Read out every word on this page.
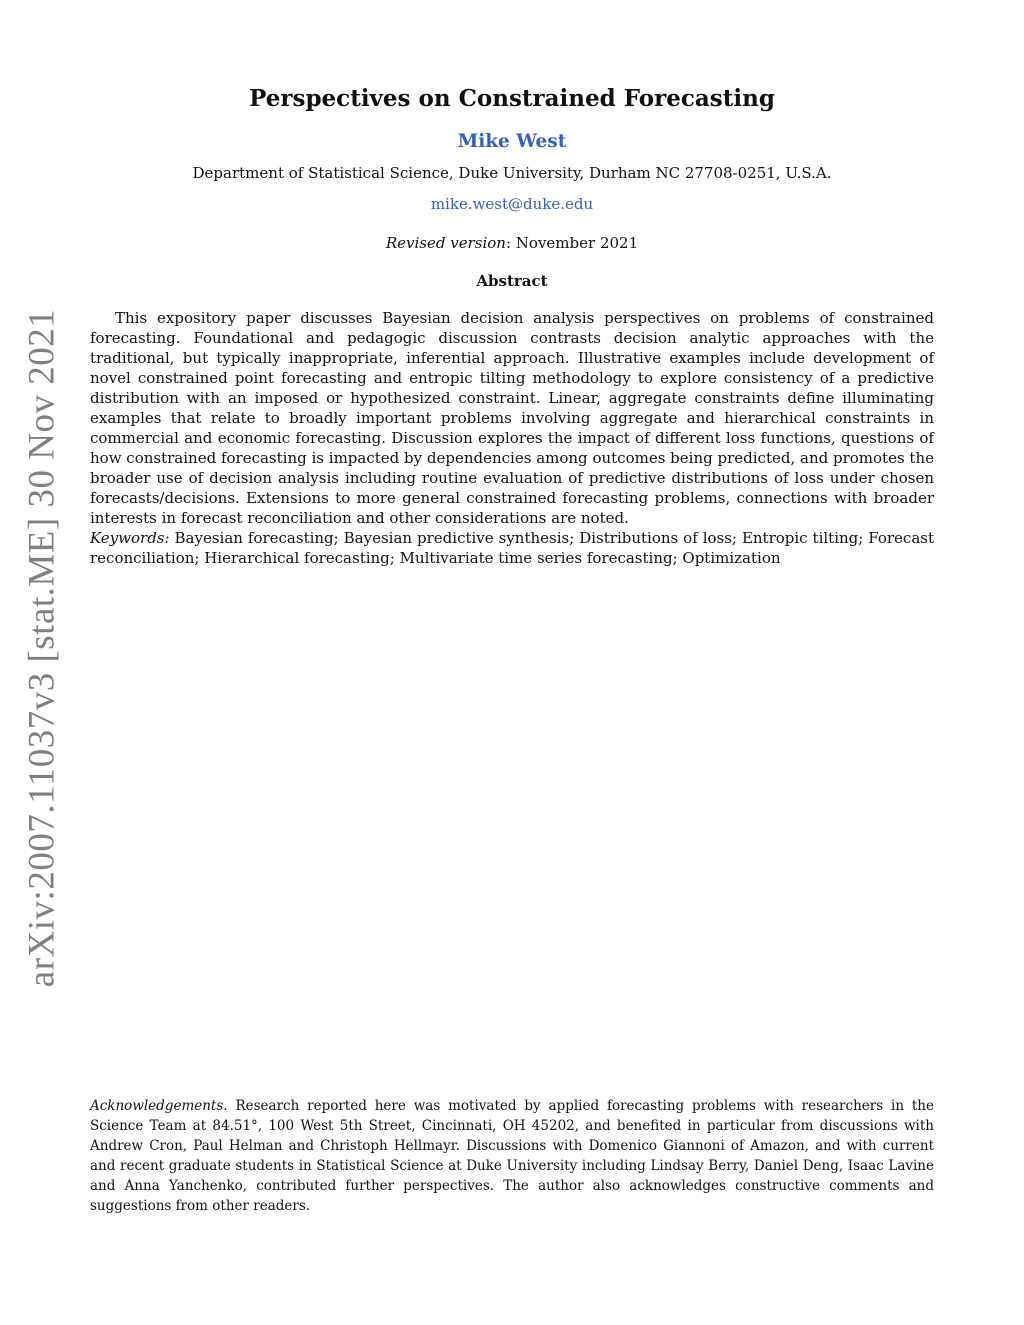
arXiv:2007.11037v3 [stat.ME] 30 Nov 2021
Perspectives on Constrained Forecasting
Mike West
Department of Statistical Science, Duke University, Durham NC 27708-0251, U.S.A.
mike.west@duke.edu
Revised version: November 2021
Abstract

This expository paper discusses Bayesian decision analysis perspectives on problems of constrained forecasting. Foundational and pedagogic discussion contrasts decision analytic approaches with the traditional, but typically inappropriate, inferential approach. Illustrative examples include development of novel constrained point forecasting and entropic tilting methodology to explore consistency of a predictive distribution with an imposed or hypothesized constraint. Linear, aggregate constraints define illuminating examples that relate to broadly important problems involving aggregate and hierarchical constraints in commercial and economic forecasting. Discussion explores the impact of different loss functions, questions of how constrained forecasting is impacted by dependencies among outcomes being predicted, and promotes the broader use of decision analysis including routine evaluation of predictive distributions of loss under chosen forecasts/decisions. Extensions to more general constrained forecasting problems, connections with broader interests in forecast reconciliation and other considerations are noted.

Keywords: Bayesian forecasting; Bayesian predictive synthesis; Distributions of loss; Entropic tilting; Forecast reconciliation; Hierarchical forecasting; Multivariate time series forecasting; Optimization

Acknowledgements. Research reported here was motivated by applied forecasting problems with researchers in the Science Team at 84.51°, 100 West 5th Street, Cincinnati, OH 45202, and benefited in particular from discussions with Andrew Cron, Paul Helman and Christoph Hellmayr. Discussions with Domenico Giannoni of Amazon, and with current and recent graduate students in Statistical Science at Duke University including Lindsay Berry, Daniel Deng, Isaac Lavine and Anna Yanchenko, contributed further perspectives. The author also acknowledges constructive comments and suggestions from other readers.
